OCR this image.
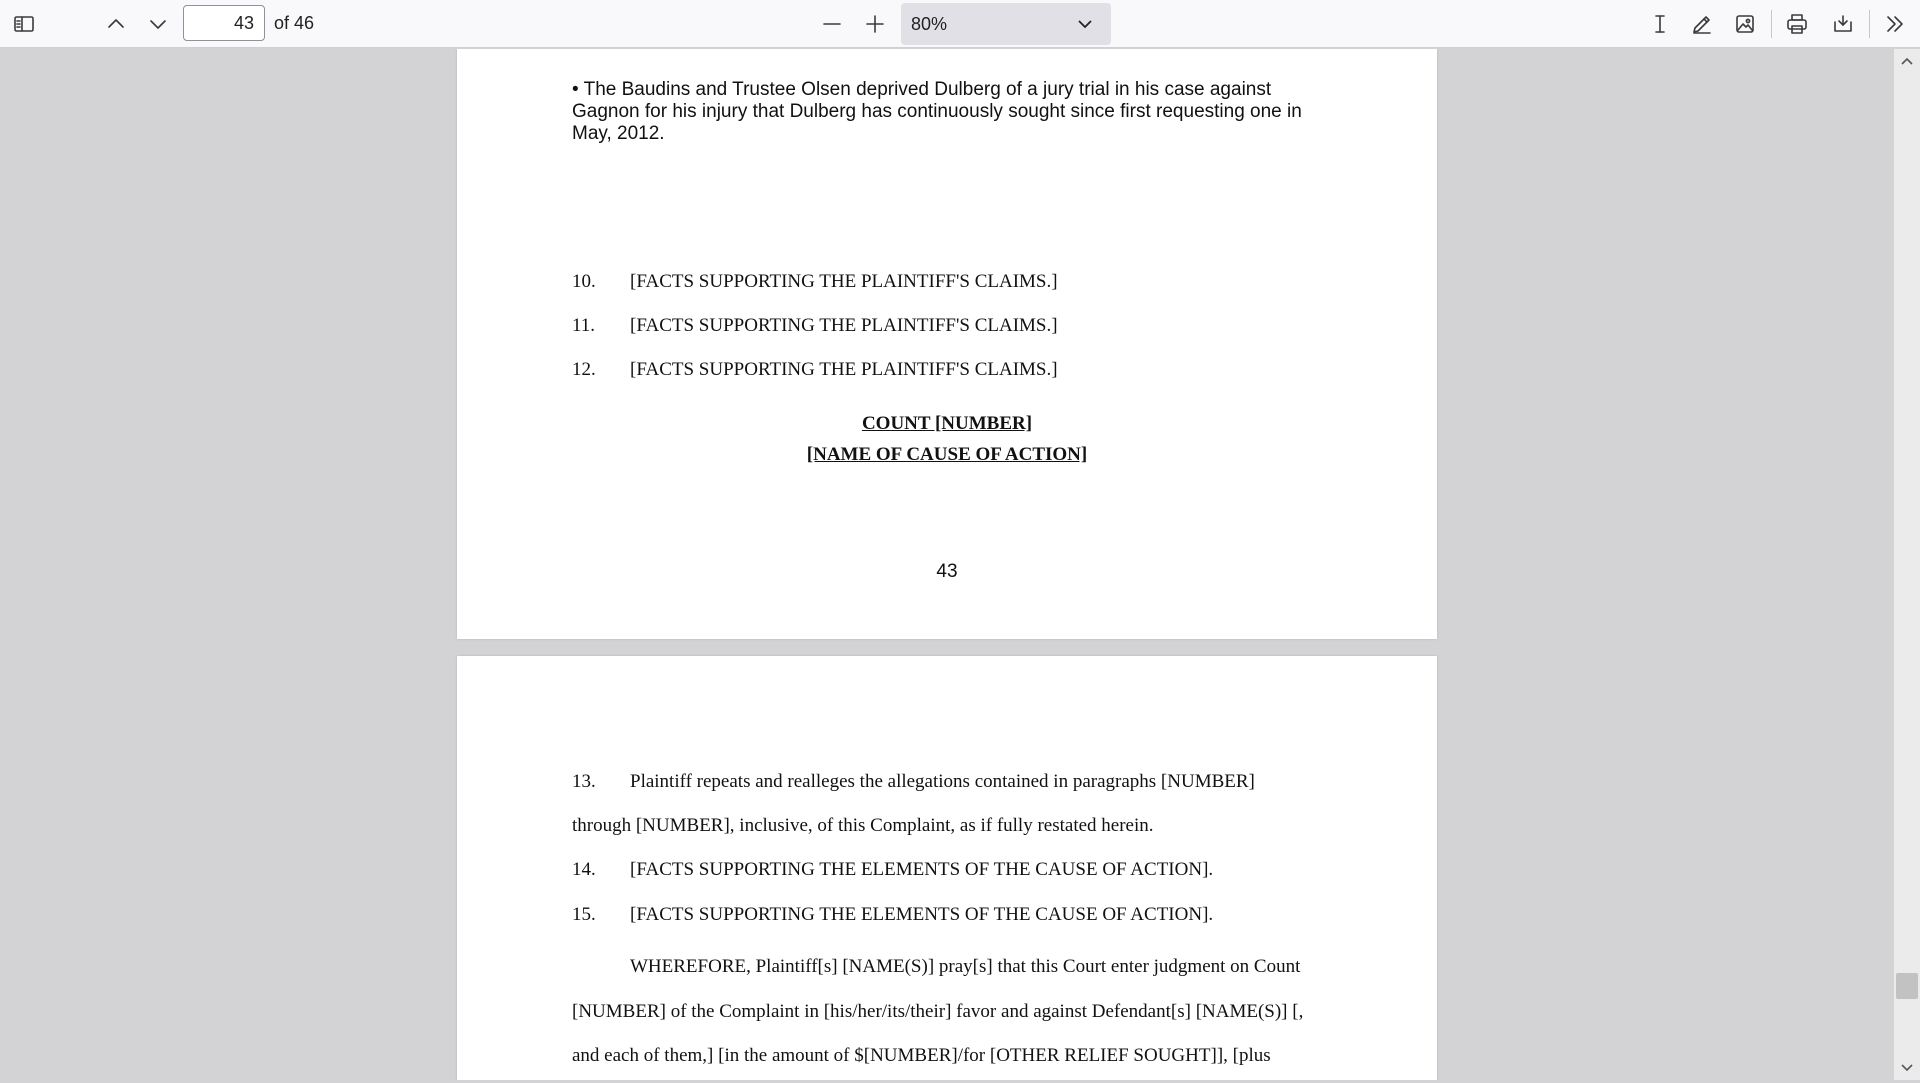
43
of 46	80%
• The Baudins and Trustee Olsen deprived Dulberg of a jury trial in his case against
Gagnon for his injury that Dulberg has continuously sought since first requesting one in
May, 2012.
10. [FACTS SUPPORTING THE PLAINTIFF'S CLAIMS.]
11. [FACTS SUPPORTING THE PLAINTIFF'S CLAIMS.]
12. [FACTS SUPPORTING THE PLAINTIFF'S CLAIMS.]
COUNT [NUMBER]
[NAME OF CAUSE OF ACTION]
43
13. Plaintiff repeats and realleges the allegations contained in paragraphs [NUMBER]
through [NUMBER], inclusive, of this Complaint, as if fully restated herein.
14. [FACTS SUPPORTING THE ELEMENTS OF THE CAUSE OF ACTION].
15. [FACTS SUPPORTING THE ELEMENTS OF THE CAUSE OF ACTION].
WHEREFORE, Plaintiff[s] [NAME(S)] pray[s] that this Court enter judgment on Count
[NUMBER] of the Complaint in [his/her/its/their] favor and against Defendant[s] [NAME(S)] [,
and each of them,] [in the amount of $[NUMBER]/for [OTHER RELIEF SOUGHT]], [plus
